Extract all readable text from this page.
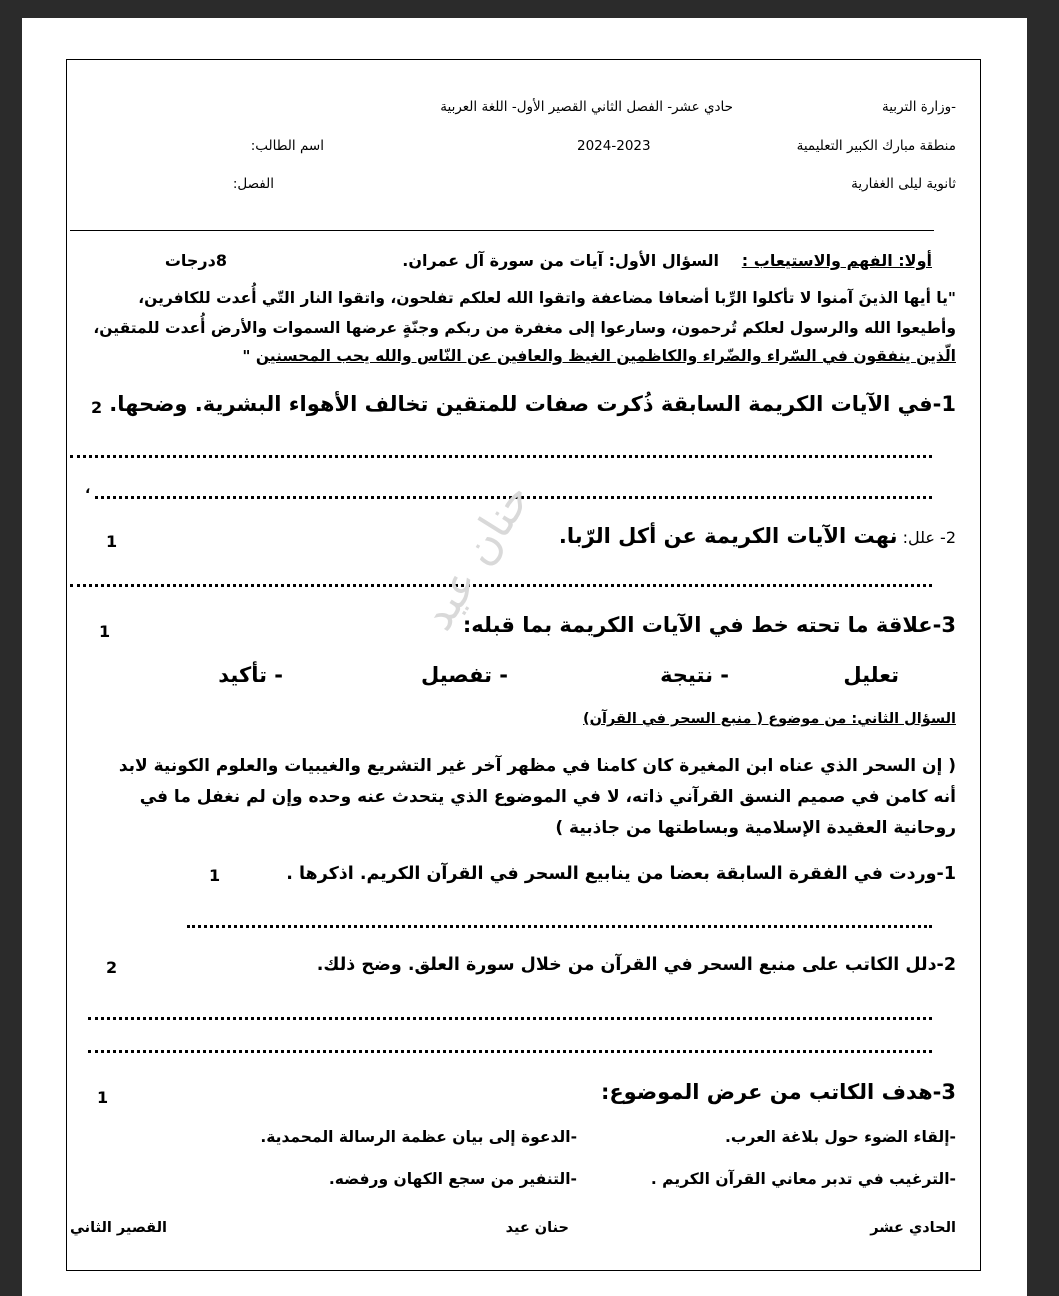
-وزارة التربية
منطقة مبارك الكبير التعليمية
ثانوية ليلى الغفارية
حادي عشر- الفصل الثاني القصير الأول- اللغة العربية
2024-2023
اسم الطالب:
الفصل:
أولا: الفهم والاستيعاب :
السؤال الأول: آيات من سورة آل عمران.
8درجات
"يا أيها الذينَ آمنوا لا تأكلوا الرِّبا أضعافا مضاعفة واتقوا الله لعلكم تفلحون، واتقوا النار التّي أُعدت للكافرين،
وأطيعوا الله والرسول لعلكم تُرحمون، وسارعوا إلى مغفرة من ربكم وجنّةٍ عرضها السموات والأرض أُعدت للمتقين،
الّذين ينفقون في السّراء والضّراء والكاظمين الغيظ والعافين عن النّاس والله يحب المحسنين "
1-في الآيات الكريمة السابقة ذُكرت صفات للمتقين تخالف الأهواء البشرية. وضحها.
2
،
2- علل: نهت الآيات الكريمة عن أكل الرّبا.
1
3-علاقة ما تحته خط في الآيات الكريمة بما قبله:
1
تعليل
- نتيجة
- تفصيل
- تأكيد
السؤال الثاني: من موضوع ( منبع السحر في القرآن)
( إن السحر الذي عناه ابن المغيرة كان كامنا في مظهر آخر غير التشريع والغيبيات والعلوم الكونية لابد
أنه كامن في صميم النسق القرآني ذاته، لا في الموضوع الذي يتحدث عنه وحده وإن لم نغفل ما في
روحانية العقيدة الإسلامية وبساطتها من جاذبية )
1-وردت في الفقرة السابقة بعضا من ينابيع السحر في القرآن الكريم. اذكرها .
1
2-دلل الكاتب على منبع السحر في القرآن من خلال سورة العلق. وضح ذلك.
2
3-هدف الكاتب من عرض الموضوع:
1
-إلقاء الضوء حول بلاغة العرب.
-الدعوة إلى بيان عظمة الرسالة المحمدية.
-الترغيب في تدبر معاني القرآن الكريم .
-التنفير من سجع الكهان ورفضه.
الحادي عشر
حنان عيد
القصير الثاني
حنان عيد
